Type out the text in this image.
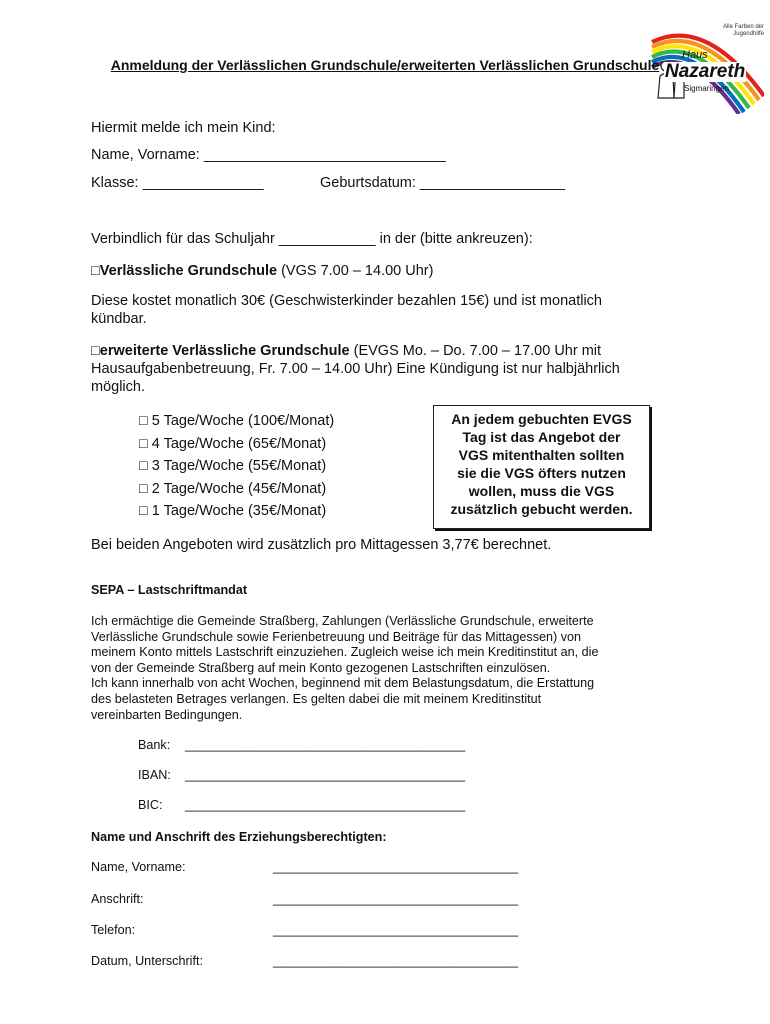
Alle Farben der Jugendhilfe
Haus
Nazareth
Sigmaringen
Anmeldung der Verlässlichen Grundschule/erweiterten Verlässlichen Grundschule
Hiermit melde ich mein Kind:
Name, Vorname: ______________________________
Klasse: _______________	Geburtsdatum: __________________
Verbindlich für das Schuljahr ____________ in der (bitte ankreuzen):
□Verlässliche Grundschule (VGS 7.00 – 14.00 Uhr)
Diese kostet monatlich 30€ (Geschwisterkinder bezahlen 15€) und ist monatlich kündbar.
□erweiterte Verlässliche Grundschule (EVGS Mo. – Do. 7.00 – 17.00 Uhr mit
Hausaufgabenbetreuung, Fr. 7.00 – 14.00 Uhr) Eine Kündigung ist nur halbjährlich
möglich.
□ 5 Tage/Woche (100€/Monat)
□ 4 Tage/Woche (65€/Monat)
□ 3 Tage/Woche (55€/Monat)
□ 2 Tage/Woche (45€/Monat)
□ 1 Tage/Woche (35€/Monat)
An jedem gebuchten EVGS
Tag ist das Angebot der
VGS mitenthalten sollten
sie die VGS öfters nutzen
wollen, muss die VGS
zusätzlich gebucht werden.
Bei beiden Angeboten wird zusätzlich pro Mittagessen 3,77€ berechnet.
SEPA – Lastschriftmandat
Ich ermächtige die Gemeinde Straßberg, Zahlungen (Verlässliche Grundschule, erweiterte
Verlässliche Grundschule sowie Ferienbetreuung und Beiträge für das Mittagessen) von
meinem Konto mittels Lastschrift einzuziehen. Zugleich weise ich mein Kreditinstitut an, die
von der Gemeinde Straßberg auf mein Konto gezogenen Lastschriften einzulösen.
Ich kann innerhalb von acht Wochen, beginnend mit dem Belastungsdatum, die Erstattung
des belasteten Betrages verlangen. Es gelten dabei die mit meinem Kreditinstitut
vereinbarten Bedingungen.
Bank: ________________________________________
IBAN: ________________________________________
BIC: ________________________________________
Name und Anschrift des Erziehungsberechtigten:
Name, Vorname:	___________________________________
Anschrift:	___________________________________
Telefon:	___________________________________
Datum, Unterschrift:	___________________________________
